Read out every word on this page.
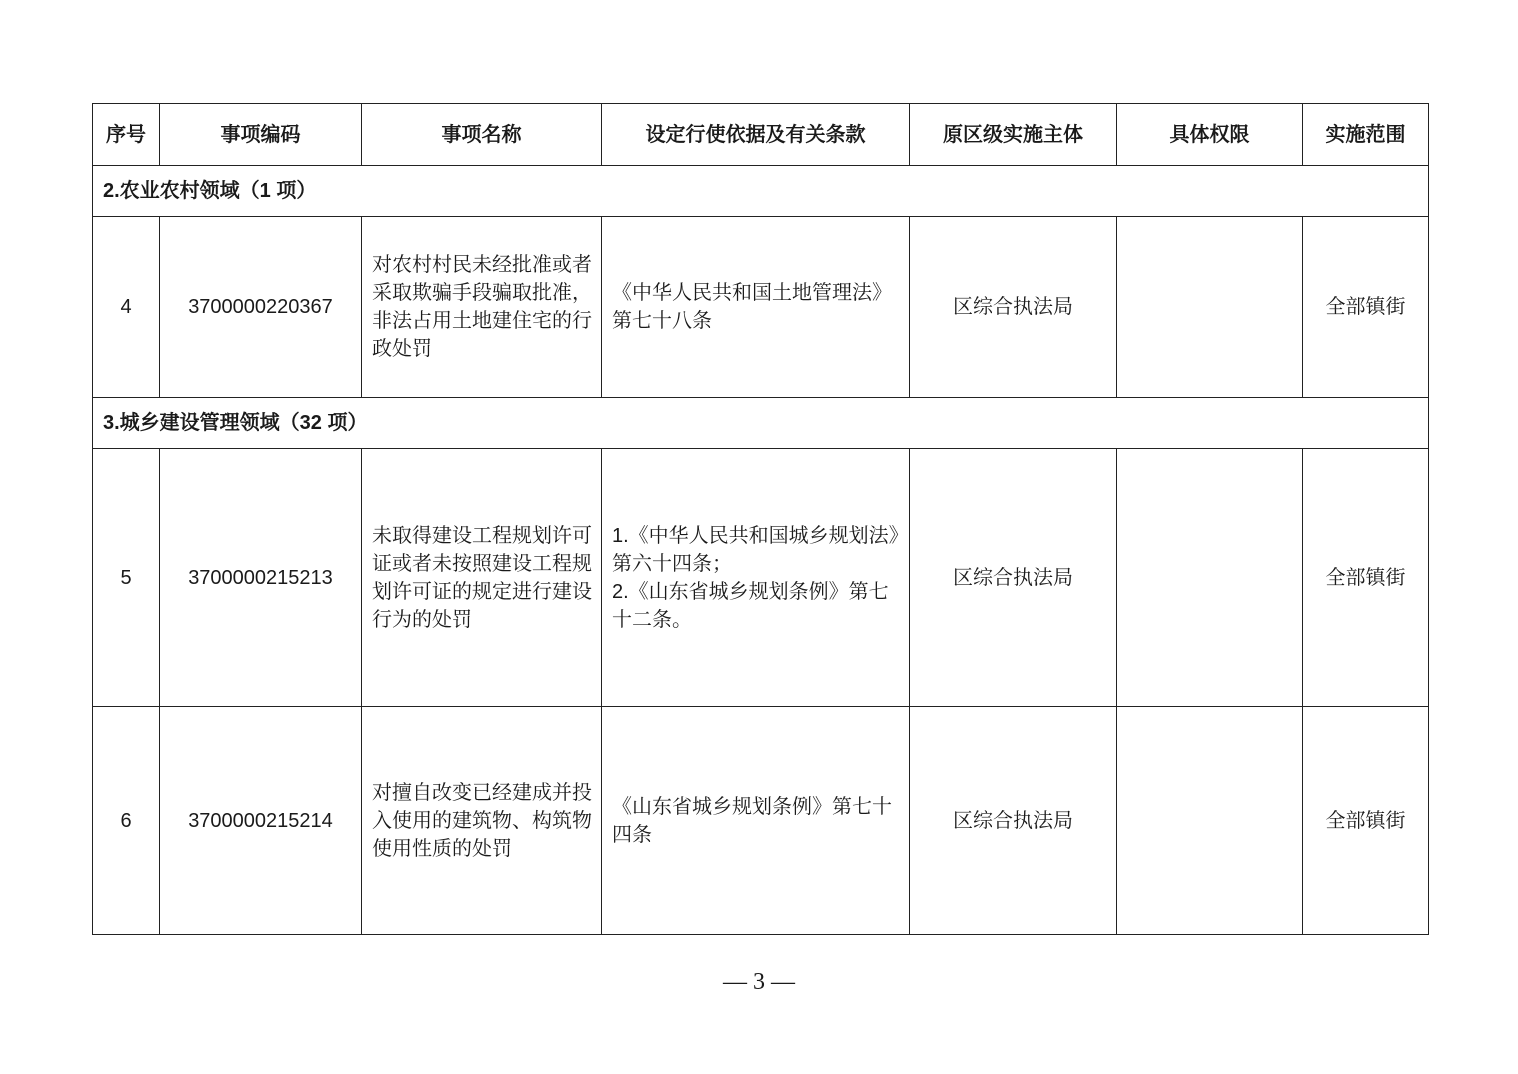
序号	事项编码	事项名称	设定行使依据及有关条款	原区级实施主体	具体权限	实施范围
2.农业农村领域（1 项）						
4	3700000220367	对农村村民未经批准或者采取欺骗手段骗取批准，非法占用土地建住宅的行政处罚	《中华人民共和国土地管理法》第七十八条	区综合执法局		全部镇街
3.城乡建设管理领域（32 项）						
5	3700000215213	未取得建设工程规划许可证或者未按照建设工程规划许可证的规定进行建设行为的处罚	1.《中华人民共和国城乡规划法》第六十四条；
2.《山东省城乡规划条例》第七十二条。	区综合执法局		全部镇街
6	3700000215214	对擅自改变已经建成并投入使用的建筑物、构筑物使用性质的处罚	《山东省城乡规划条例》第七十四条	区综合执法局		全部镇街
— 3 —
